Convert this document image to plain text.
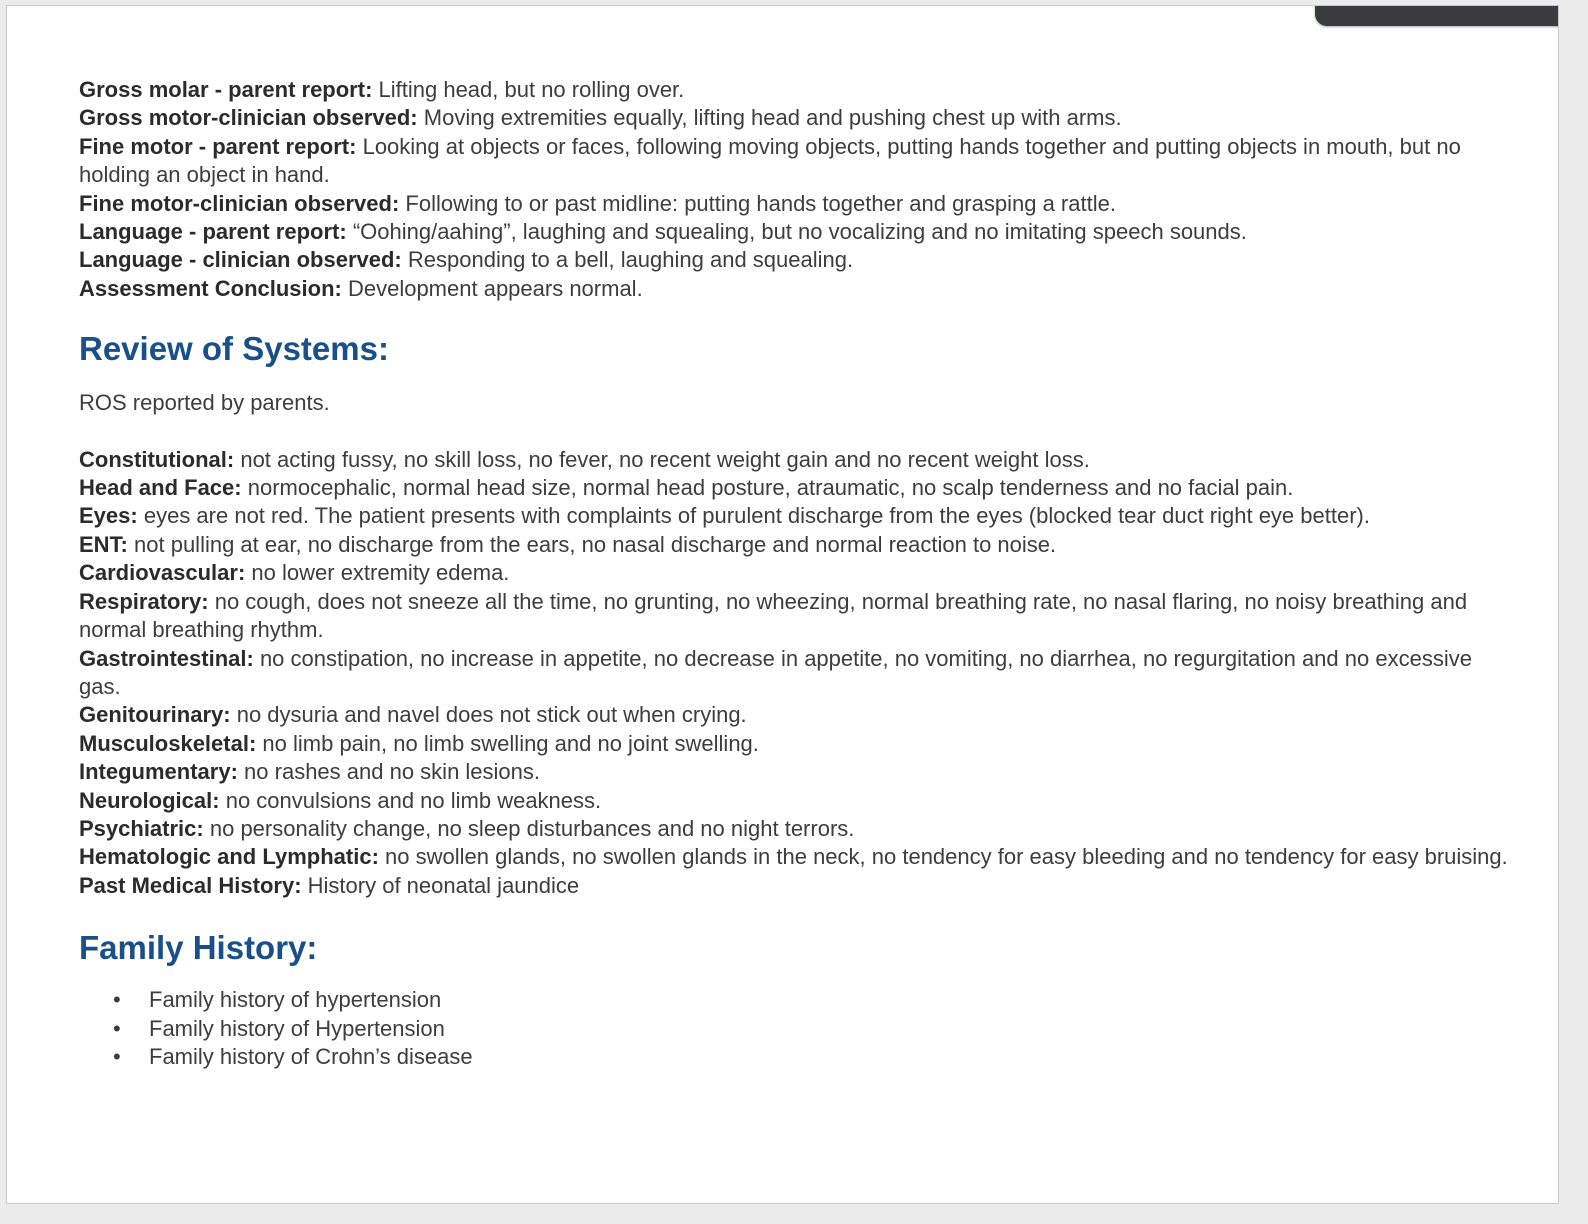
Gross molar - parent report: Lifting head, but no rolling over.

Gross motor-clinician observed: Moving extremities equally, lifting head and pushing chest up with arms.

Fine motor - parent report: Looking at objects or faces, following moving objects, putting hands together and putting objects in mouth, but no holding an object in hand.

Fine motor-clinician observed: Following to or past midline: putting hands together and grasping a rattle.

Language - parent report: “Oohing/aahing”, laughing and squealing, but no vocalizing and no imitating speech sounds.

Language - clinician observed: Responding to a bell, laughing and squealing.

Assessment Conclusion: Development appears normal.

Review of Systems:

ROS reported by parents.

Constitutional: not acting fussy, no skill loss, no fever, no recent weight gain and no recent weight loss.

Head and Face: normocephalic, normal head size, normal head posture, atraumatic, no scalp tenderness and no facial pain.

Eyes: eyes are not red. The patient presents with complaints of purulent discharge from the eyes (blocked tear duct right eye better).

ENT: not pulling at ear, no discharge from the ears, no nasal discharge and normal reaction to noise.

Cardiovascular: no lower extremity edema.

Respiratory: no cough, does not sneeze all the time, no grunting, no wheezing, normal breathing rate, no nasal flaring, no noisy breathing and normal breathing rhythm.

Gastrointestinal: no constipation, no increase in appetite, no decrease in appetite, no vomiting, no diarrhea, no regurgitation and no excessive gas.

Genitourinary: no dysuria and navel does not stick out when crying.

Musculoskeletal: no limb pain, no limb swelling and no joint swelling.

Integumentary: no rashes and no skin lesions.

Neurological: no convulsions and no limb weakness.

Psychiatric: no personality change, no sleep disturbances and no night terrors.

Hematologic and Lymphatic: no swollen glands, no swollen glands in the neck, no tendency for easy bleeding and no tendency for easy bruising.

Past Medical History: History of neonatal jaundice

Family History:
• Family history of hypertension
• Family history of Hypertension
• Family history of Crohn’s disease
